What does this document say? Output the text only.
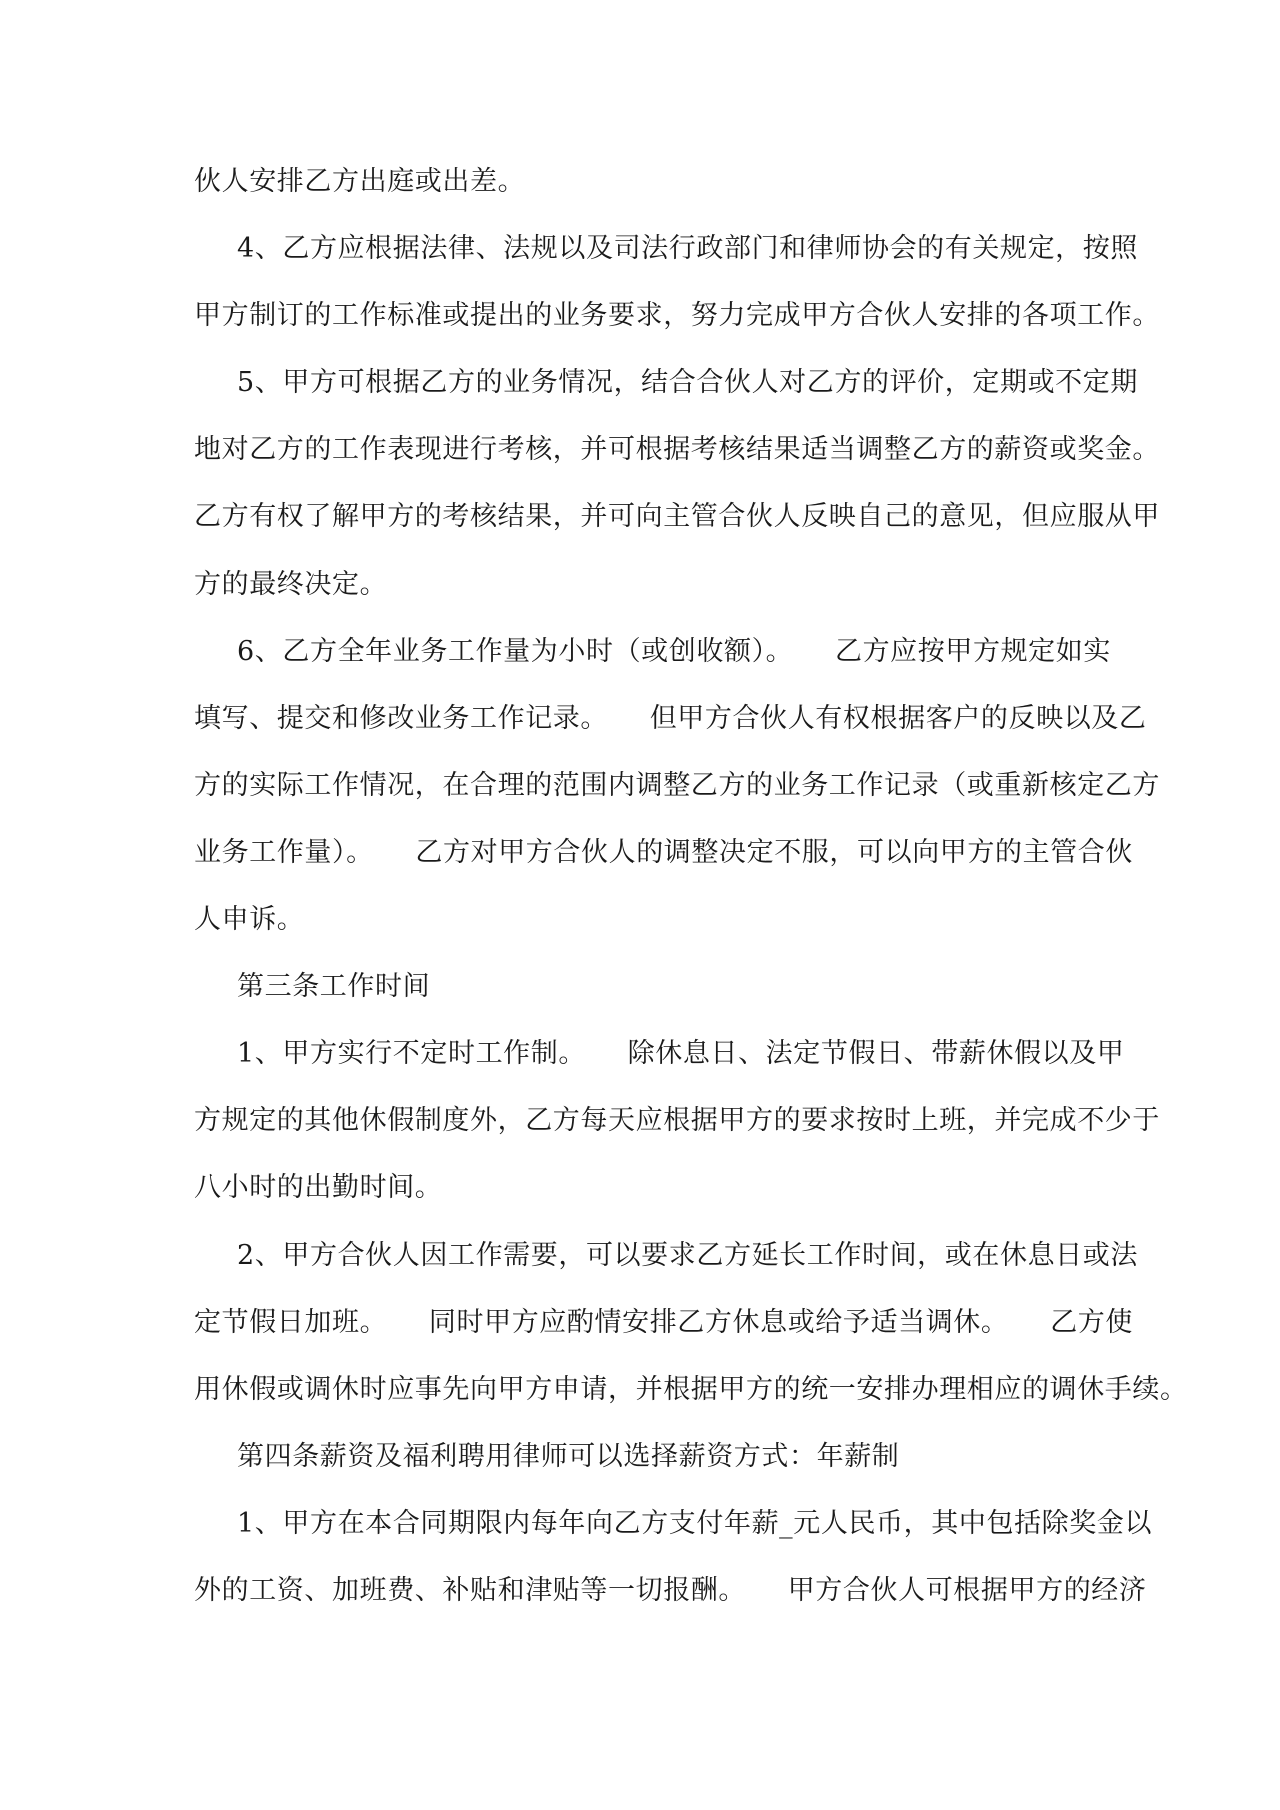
伙人安排乙方出庭或出差。
4、乙方应根据法律、法规以及司法行政部门和律师协会的有关规定，按照
甲方制订的工作标准或提出的业务要求，努力完成甲方合伙人安排的各项工作。
5、甲方可根据乙方的业务情况，结合合伙人对乙方的评价，定期或不定期
地对乙方的工作表现进行考核，并可根据考核结果适当调整乙方的薪资或奖金。
乙方有权了解甲方的考核结果，并可向主管合伙人反映自己的意见，但应服从甲
方的最终决定。
6、乙方全年业务工作量为小时（或创收额）。　　乙方应按甲方规定如实
填写、提交和修改业务工作记录。　　但甲方合伙人有权根据客户的反映以及乙
方的实际工作情况，在合理的范围内调整乙方的业务工作记录（或重新核定乙方
业务工作量）。　　乙方对甲方合伙人的调整决定不服，可以向甲方的主管合伙
人申诉。
第三条工作时间
1、甲方实行不定时工作制。　　除休息日、法定节假日、带薪休假以及甲
方规定的其他休假制度外，乙方每天应根据甲方的要求按时上班，并完成不少于
八小时的出勤时间。
2、甲方合伙人因工作需要，可以要求乙方延长工作时间，或在休息日或法
定节假日加班。　　同时甲方应酌情安排乙方休息或给予适当调休。　　乙方使
用休假或调休时应事先向甲方申请，并根据甲方的统一安排办理相应的调休手续。
第四条薪资及福利聘用律师可以选择薪资方式：年薪制
1、甲方在本合同期限内每年向乙方支付年薪_元人民币，其中包括除奖金以
外的工资、加班费、补贴和津贴等一切报酬。　　甲方合伙人可根据甲方的经济
